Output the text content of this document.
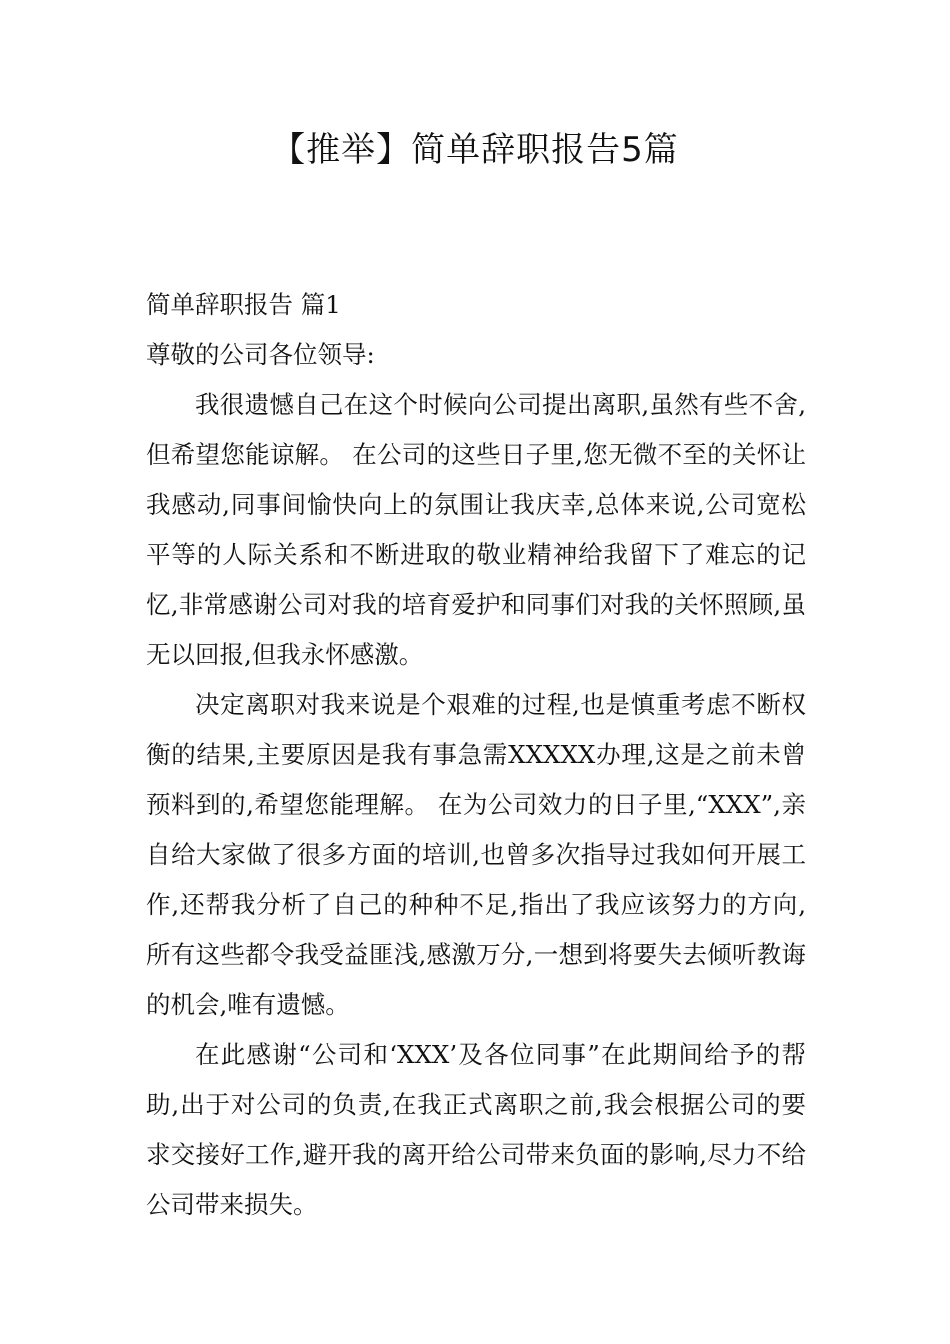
【推举】简单辞职报告5篇

简单辞职报告 篇1

尊敬的公司各位领导:

我很遗憾自己在这个时候向公司提出离职,虽然有些不舍,但希望您能谅解。 在公司的这些日子里,您无微不至的关怀让我感动,同事间愉快向上的氛围让我庆幸,总体来说,公司宽松平等的人际关系和不断进取的敬业精神给我留下了难忘的记忆,非常感谢公司对我的培育爱护和同事们对我的关怀照顾,虽无以回报,但我永怀感激。

决定离职对我来说是个艰难的过程,也是慎重考虑不断权衡的结果,主要原因是我有事急需XXXXX办理,这是之前未曾预料到的,希望您能理解。 在为公司效力的日子里,“XXX”,亲自给大家做了很多方面的培训,也曾多次指导过我如何开展工作,还帮我分析了自己的种种不足,指出了我应该努力的方向,所有这些都令我受益匪浅,感激万分,一想到将要失去倾听教诲的机会,唯有遗憾。

在此感谢“公司和‘XXX’及各位同事”在此期间给予的帮助,出于对公司的负责,在我正式离职之前,我会根据公司的要求交接好工作,避开我的离开给公司带来负面的影响,尽力不给公司带来损失。
